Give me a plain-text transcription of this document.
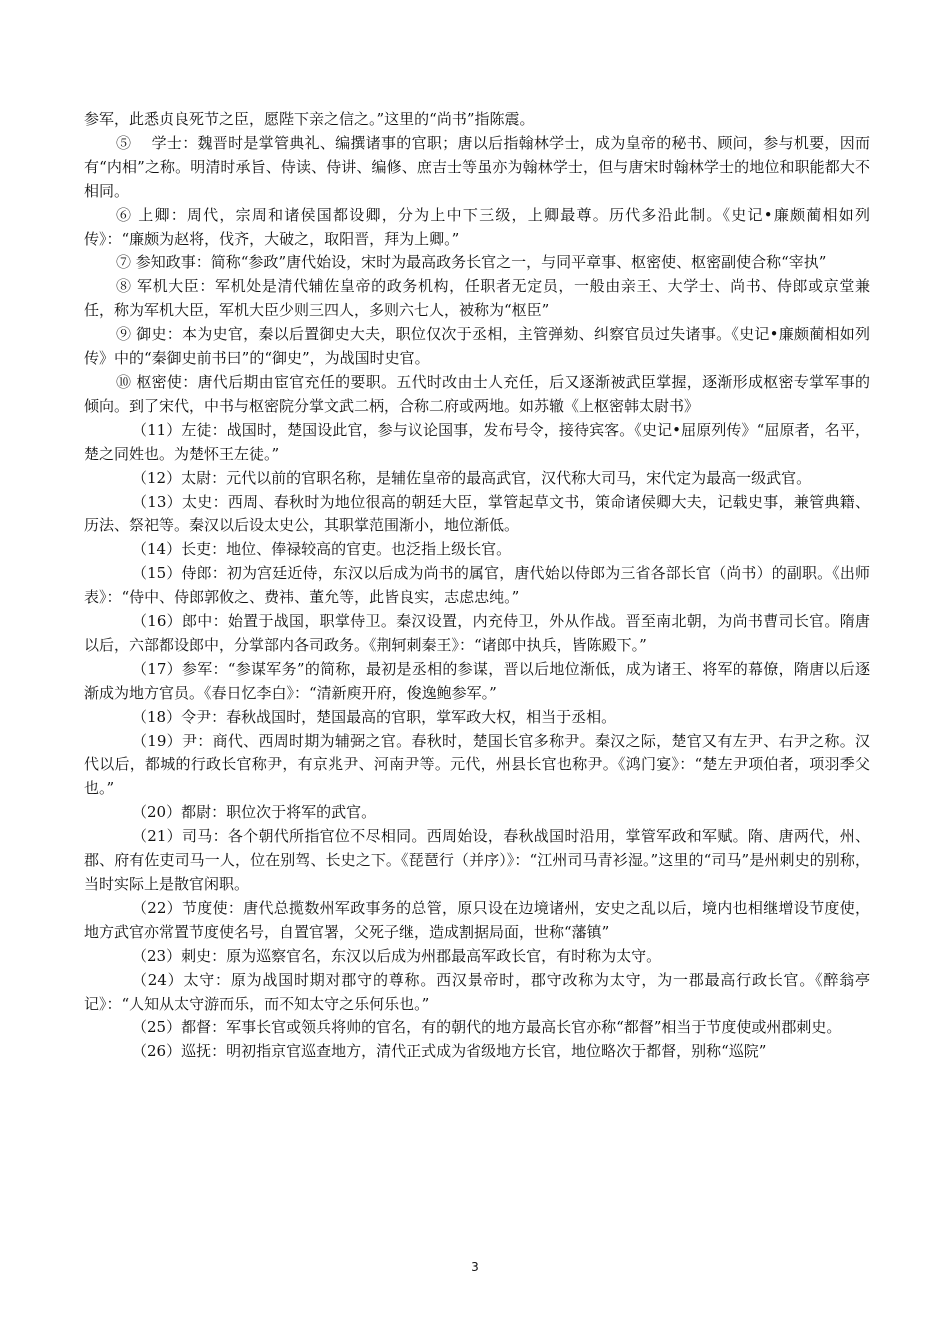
参军，此悉贞良死节之臣，愿陛下亲之信之。”这里的“尚书”指陈震。

⑤ 　学士：魏晋时是掌管典礼、编撰诸事的官职；唐以后指翰林学士，成为皇帝的秘书、顾问，参与机要，因而有“内相”之称。明清时承旨、侍读、侍讲、编修、庶吉士等虽亦为翰林学士，但与唐宋时翰林学士的地位和职能都大不相同。

⑥ 上卿：周代，宗周和诸侯国都设卿，分为上中下三级，上卿最尊。历代多沿此制。《史记•廉颇蔺相如列传》：“廉颇为赵将，伐齐，大破之，取阳晋，拜为上卿。”

⑦ 参知政事：简称“参政”唐代始设，宋时为最高政务长官之一，与同平章事、枢密使、枢密副使合称“宰执”

⑧ 军机大臣：军机处是清代辅佐皇帝的政务机构，任职者无定员，一般由亲王、大学士、尚书、侍郎或京堂兼任，称为军机大臣，军机大臣少则三四人，多则六七人，被称为“枢臣”

⑨ 御史：本为史官，秦以后置御史大夫，职位仅次于丞相，主管弹劾、纠察官员过失诸事。《史记•廉颇蔺相如列传》中的“秦御史前书曰”的“御史”，为战国时史官。

⑩ 枢密使：唐代后期由宦官充任的要职。五代时改由士人充任，后又逐渐被武臣掌握，逐渐形成枢密专掌军事的倾向。到了宋代，中书与枢密院分掌文武二柄，合称二府或两地。如苏辙《上枢密韩太尉书》

（11）左徒：战国时，楚国设此官，参与议论国事，发布号令，接待宾客。《史记•屈原列传》“屈原者，名平，楚之同姓也。为楚怀王左徒。”

（12）太尉：元代以前的官职名称，是辅佐皇帝的最高武官，汉代称大司马，宋代定为最高一级武官。

（13）太史：西周、春秋时为地位很高的朝廷大臣，掌管起草文书，策命诸侯卿大夫，记载史事，兼管典籍、历法、祭祀等。秦汉以后设太史公，其职掌范围渐小，地位渐低。

（14）长吏：地位、俸禄较高的官吏。也泛指上级长官。

（15）侍郎：初为宫廷近侍，东汉以后成为尚书的属官，唐代始以侍郎为三省各部长官（尚书）的副职。《出师表》：“侍中、侍郎郭攸之、费祎、董允等，此皆良实，志虑忠纯。”

（16）郎中：始置于战国，职掌侍卫。秦汉设置，内充侍卫，外从作战。晋至南北朝，为尚书曹司长官。隋唐以后，六部都设郎中，分掌部内各司政务。《荆轲刺秦王》：“诸郎中执兵，皆陈殿下。”

（17）参军：“参谋军务”的简称，最初是丞相的参谋，晋以后地位渐低，成为诸王、将军的幕僚，隋唐以后逐渐成为地方官员。《春日忆李白》：“清新庾开府，俊逸鲍参军。”

（18）令尹：春秋战国时，楚国最高的官职，掌军政大权，相当于丞相。

（19）尹：商代、西周时期为辅弼之官。春秋时，楚国长官多称尹。秦汉之际，楚官又有左尹、右尹之称。汉代以后，都城的行政长官称尹，有京兆尹、河南尹等。元代，州县长官也称尹。《鸿门宴》：“楚左尹项伯者，项羽季父也。”

（20）都尉：职位次于将军的武官。

（21）司马：各个朝代所指官位不尽相同。西周始设，春秋战国时沿用，掌管军政和军赋。隋、唐两代，州、郡、府有佐吏司马一人，位在别驾、长史之下。《琵琶行（并序）》：“江州司马青衫湿。”这里的“司马”是州刺史的别称，当时实际上是散官闲职。

（22）节度使：唐代总揽数州军政事务的总管，原只设在边境诸州，安史之乱以后，境内也相继增设节度使，地方武官亦常置节度使名号，自置官署，父死子继，造成割据局面，世称“藩镇”

（23）刺史：原为巡察官名，东汉以后成为州郡最高军政长官，有时称为太守。

（24）太守：原为战国时期对郡守的尊称。西汉景帝时，郡守改称为太守，为一郡最高行政长官。《醉翁亭记》：“人知从太守游而乐，而不知太守之乐何乐也。”

（25）都督：军事长官或领兵将帅的官名，有的朝代的地方最高长官亦称“都督”相当于节度使或州郡刺史。

（26）巡抚：明初指京官巡查地方，清代正式成为省级地方长官，地位略次于都督，别称“巡院”

3
